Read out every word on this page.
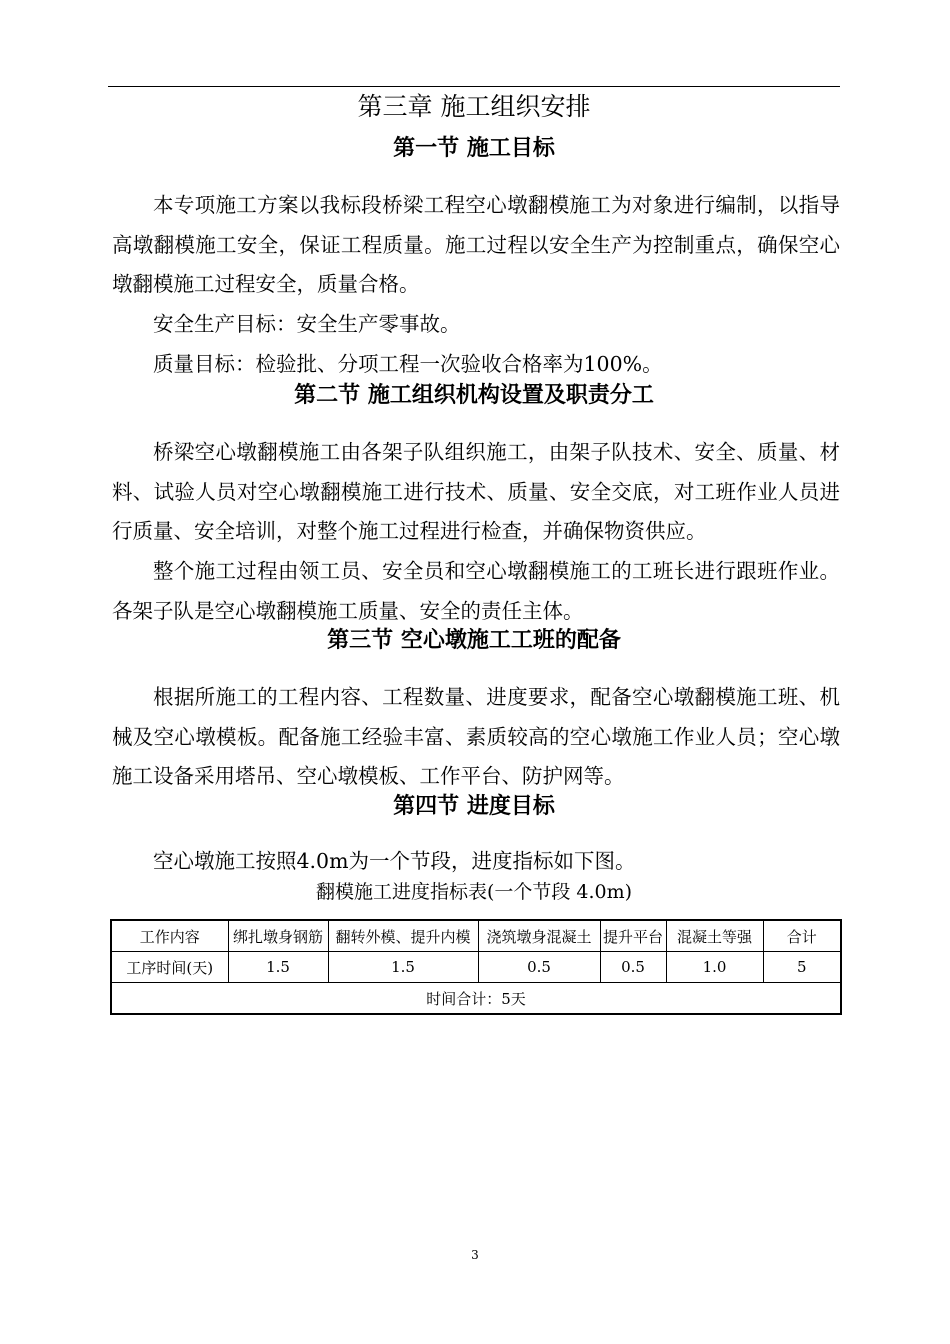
第三章 施工组织安排
第一节 施工目标

本专项施工方案以我标段桥梁工程空心墩翻模施工为对象进行编制，以指导高墩翻模施工安全，保证工程质量。施工过程以安全生产为控制重点，确保空心墩翻模施工过程安全，质量合格。

安全生产目标：安全生产零事故。

质量目标：检验批、分项工程一次验收合格率为100%。

第二节 施工组织机构设置及职责分工

桥梁空心墩翻模施工由各架子队组织施工，由架子队技术、安全、质量、材料、试验人员对空心墩翻模施工进行技术、质量、安全交底，对工班作业人员进行质量、安全培训，对整个施工过程进行检查，并确保物资供应。

整个施工过程由领工员、安全员和空心墩翻模施工的工班长进行跟班作业。各架子队是空心墩翻模施工质量、安全的责任主体。

第三节 空心墩施工工班的配备

根据所施工的工程内容、工程数量、进度要求，配备空心墩翻模施工班、机械及空心墩模板。配备施工经验丰富、素质较高的空心墩施工作业人员；空心墩施工设备采用塔吊、空心墩模板、工作平台、防护网等。

第四节 进度目标

空心墩施工按照4.0m为一个节段，进度指标如下图。

翻模施工进度指标表(一个节段 4.0m)
工作内容	绑扎墩身钢筋	翻转外模、提升内模	浇筑墩身混凝土	提升平台	混凝土等强	合计
工序时间(天)	1.5	1.5	0.5	0.5	1.0	5
时间合计：5天						
3
